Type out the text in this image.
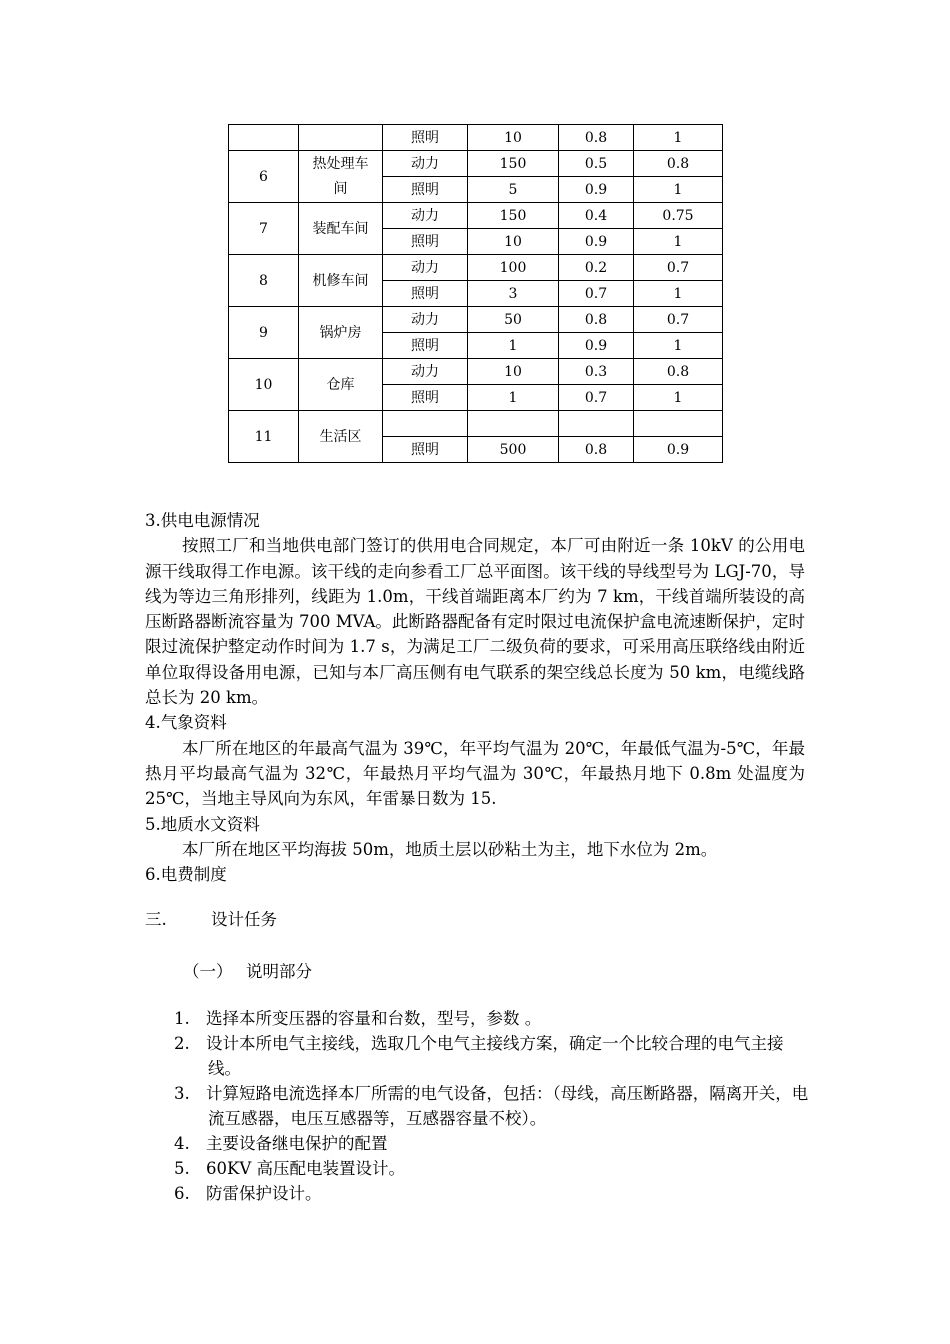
		照明	10	0.8	1
6	热处理车间	动力	150	0.5	0.8
		照明	5	0.9	1
7	装配车间	动力	150	0.4	0.75
		照明	10	0.9	1
8	机修车间	动力	100	0.2	0.7
		照明	3	0.7	1
9	锅炉房	动力	50	0.8	0.7
		照明	1	0.9	1
10	仓库	动力	10	0.3	0.8
		照明	1	0.7	1
11	生活区				
		照明	500	0.8	0.9

3.供电电源情况

按照工厂和当地供电部门签订的供用电合同规定，本厂可由附近一条 10kV 的公用电源干线取得工作电源。该干线的走向参看工厂总平面图。该干线的导线型号为 LGJ-70，导线为等边三角形排列，线距为 1.0m，干线首端距离本厂约为 7 km，干线首端所装设的高压断路器断流容量为 700 MVA。此断路器配备有定时限过电流保护盒电流速断保护，定时限过流保护整定动作时间为 1.7 s，为满足工厂二级负荷的要求，可采用高压联络线由附近单位取得设备用电源，已知与本厂高压侧有电气联系的架空线总长度为 50 km，电缆线路总长为 20 km。

4.气象资料

本厂所在地区的年最高气温为 39℃，年平均气温为 20℃，年最低气温为-5℃，年最热月平均最高气温为 32℃，年最热月平均气温为 30℃，年最热月地下 0.8m 处温度为 25℃，当地主导风向为东风，年雷暴日数为 15.

5.地质水文资料

本厂所在地区平均海拔 50m，地质土层以砂粘土为主，地下水位为 2m。

6.电费制度

三.	设计任务
（一） 说明部分
1. 选择本所变压器的容量和台数，型号，参数 。
2. 设计本所电气主接线，选取几个电气主接线方案，确定一个比较合理的电气主接线。
3. 计算短路电流选择本厂所需的电气设备，包括：（母线，高压断路器，隔离开关，电流互感器，电压互感器等，互感器容量不校）。
4. 主要设备继电保护的配置
5. 60KV 高压配电装置设计。
6. 防雷保护设计。
